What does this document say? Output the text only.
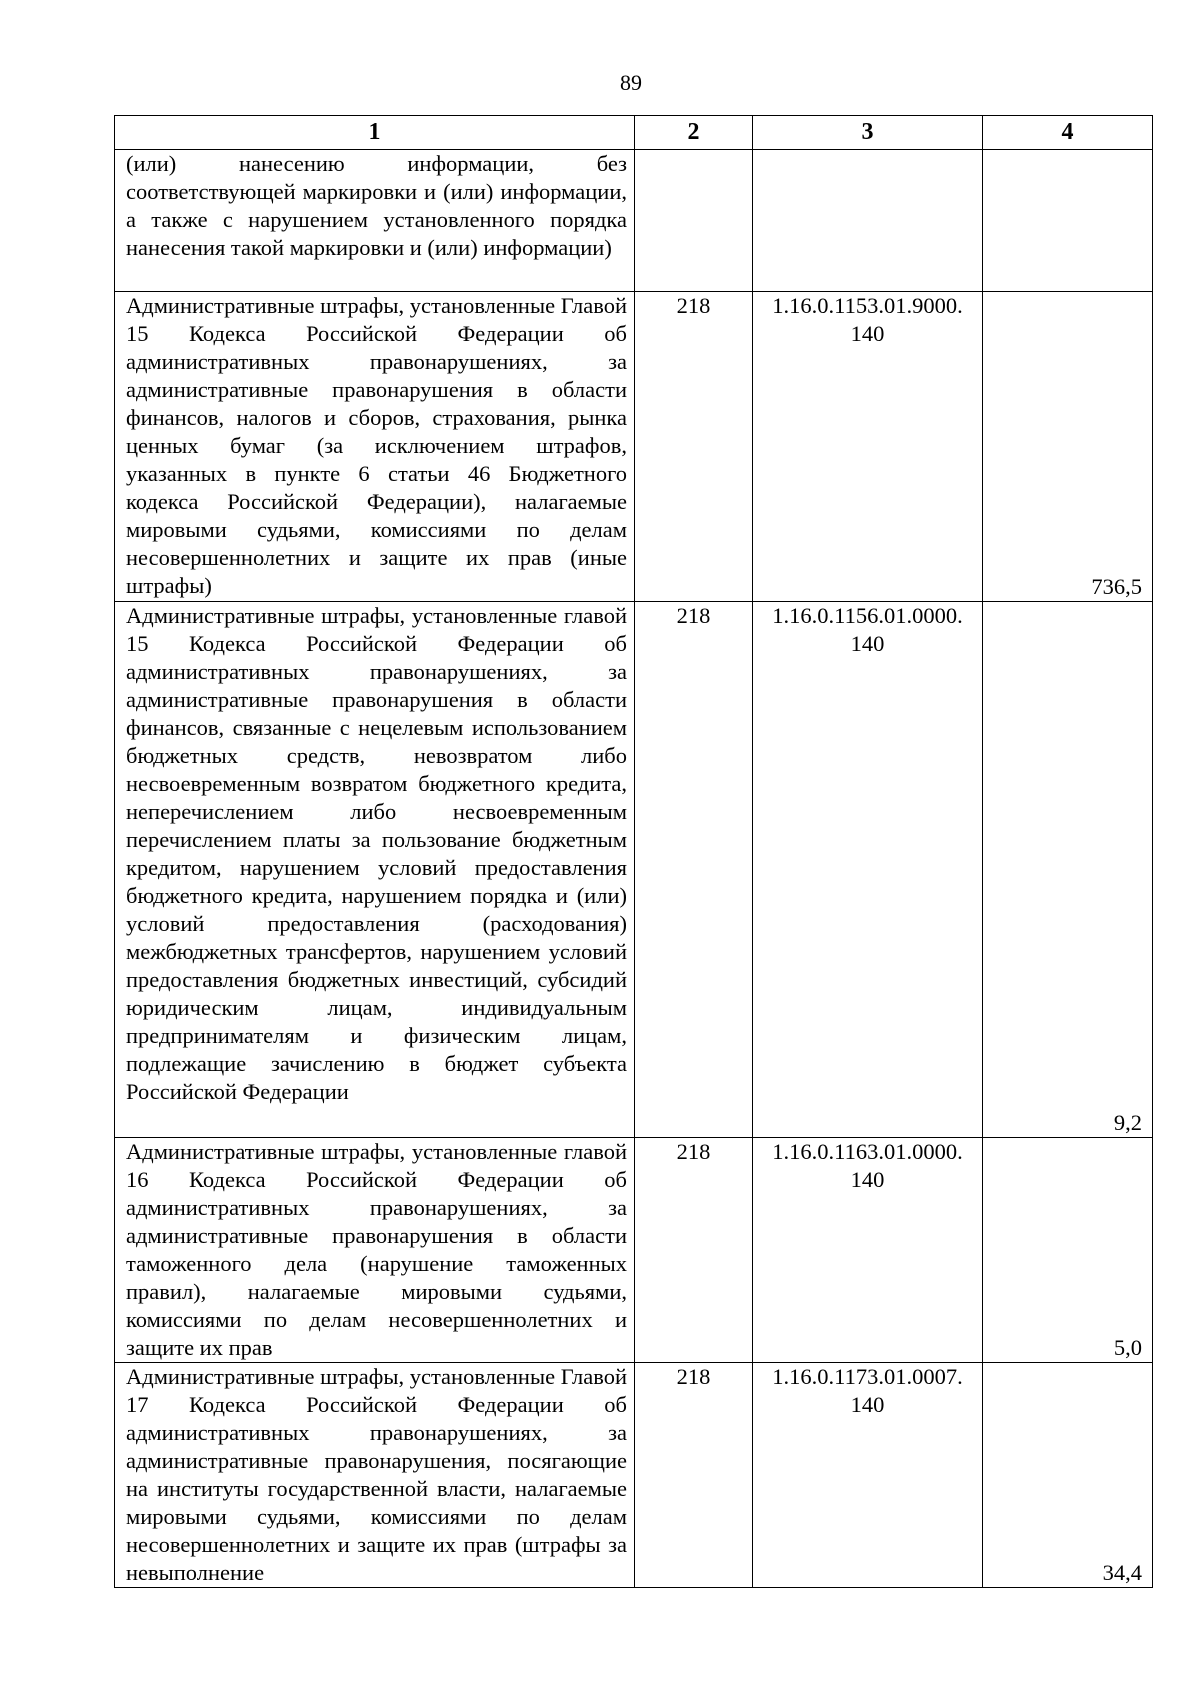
89
1	2	3	4
(или) нанесению информации, без соответствующей маркировки и (или) информации, а также с нарушением установленного порядка нанесения такой маркировки и (или) информации)			
Административные штрафы, установленные Главой 15 Кодекса Российской Федерации об административных правонарушениях, за административные правонарушения в области финансов, налогов и сборов, страхования, рынка ценных бумаг (за исключением штрафов, указанных в пункте 6 статьи 46 Бюджетного кодекса Российской Федерации), налагаемые мировыми судьями, комиссиями по делам несовершеннолетних и защите их прав (иные штрафы)	218	1.16.0.1153.01.9000. 140	736,5
Административные штрафы, установленные главой 15 Кодекса Российской Федерации об административных правонарушениях, за административные правонарушения в области финансов, связанные с нецелевым использованием бюджетных средств, невозвратом либо несвоевременным возвратом бюджетного кредита, неперечислением либо несвоевременным перечислением платы за пользование бюджетным кредитом, нарушением условий предоставления бюджетного кредита, нарушением порядка и (или) условий предоставления (расходования) межбюджетных трансфертов, нарушением условий предоставления бюджетных инвестиций, субсидий юридическим лицам, индивидуальным предпринимателям и физическим лицам, подлежащие зачислению в бюджет субъекта Российской Федерации	218	1.16.0.1156.01.0000. 140	9,2
Административные штрафы, установленные главой 16 Кодекса Российской Федерации об административных правонарушениях, за административные правонарушения в области таможенного дела (нарушение таможенных правил), налагаемые мировыми судьями, комиссиями по делам несовершеннолетних и защите их прав	218	1.16.0.1163.01.0000. 140	5,0
Административные штрафы, установленные Главой 17 Кодекса Российской Федерации об административных правонарушениях, за административные правонарушения, посягающие на институты государственной власти, налагаемые мировыми судьями, комиссиями по делам несовершеннолетних и защите их прав (штрафы за невыполнение	218	1.16.0.1173.01.0007. 140	34,4
